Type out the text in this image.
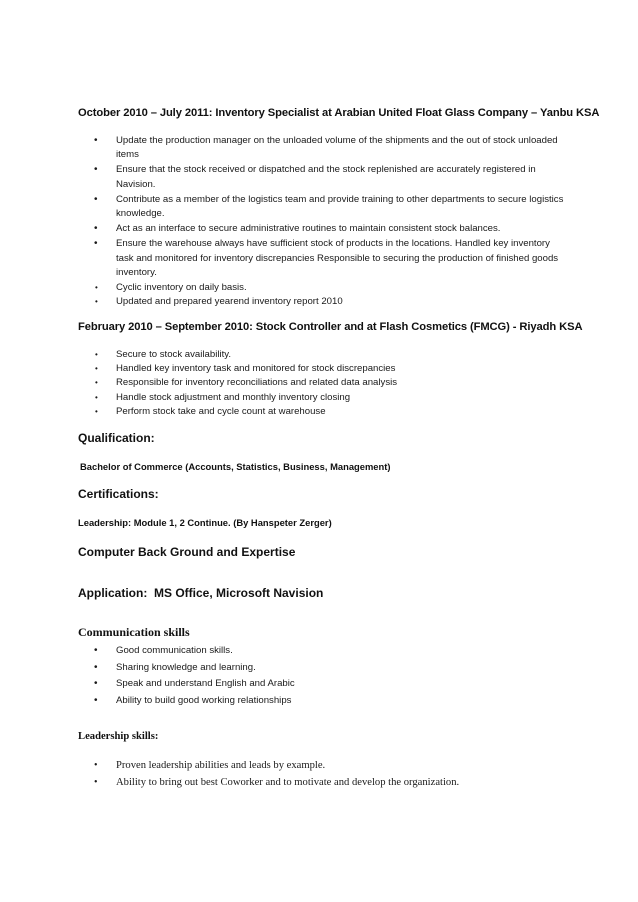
October 2010 – July 2011: Inventory Specialist at Arabian United Float Glass Company – Yanbu KSA
• Update the production manager on the unloaded volume of the shipments and the out of stock unloaded items
• Ensure that the stock received or dispatched and the stock replenished are accurately registered in Navision.
• Contribute as a member of the logistics team and provide training to other departments to secure logistics knowledge.
• Act as an interface to secure administrative routines to maintain consistent stock balances.
• Ensure the warehouse always have sufficient stock of products in the locations. Handled key inventory task and monitored for inventory discrepancies Responsible to securing the production of finished goods inventory.
• Cyclic inventory on daily basis.
• Updated and prepared yearend inventory report 2010
February 2010 – September 2010: Stock Controller and at Flash Cosmetics (FMCG) - Riyadh KSA
• Secure to stock availability.
• Handled key inventory task and monitored for stock discrepancies
• Responsible for inventory reconciliations and related data analysis
• Handle stock adjustment and monthly inventory closing
• Perform stock take and cycle count at warehouse
Qualification:
Bachelor of Commerce (Accounts, Statistics, Business, Management)
Certifications:
Leadership: Module 1, 2 Continue. (By Hanspeter Zerger)
Computer Back Ground and Expertise
Application: MS Office, Microsoft Navision
Communication skills
• Good communication skills.
• Sharing knowledge and learning.
• Speak and understand English and Arabic
• Ability to build good working relationships
Leadership skills:
• Proven leadership abilities and leads by example.
• Ability to bring out best Coworker and to motivate and develop the organization.
